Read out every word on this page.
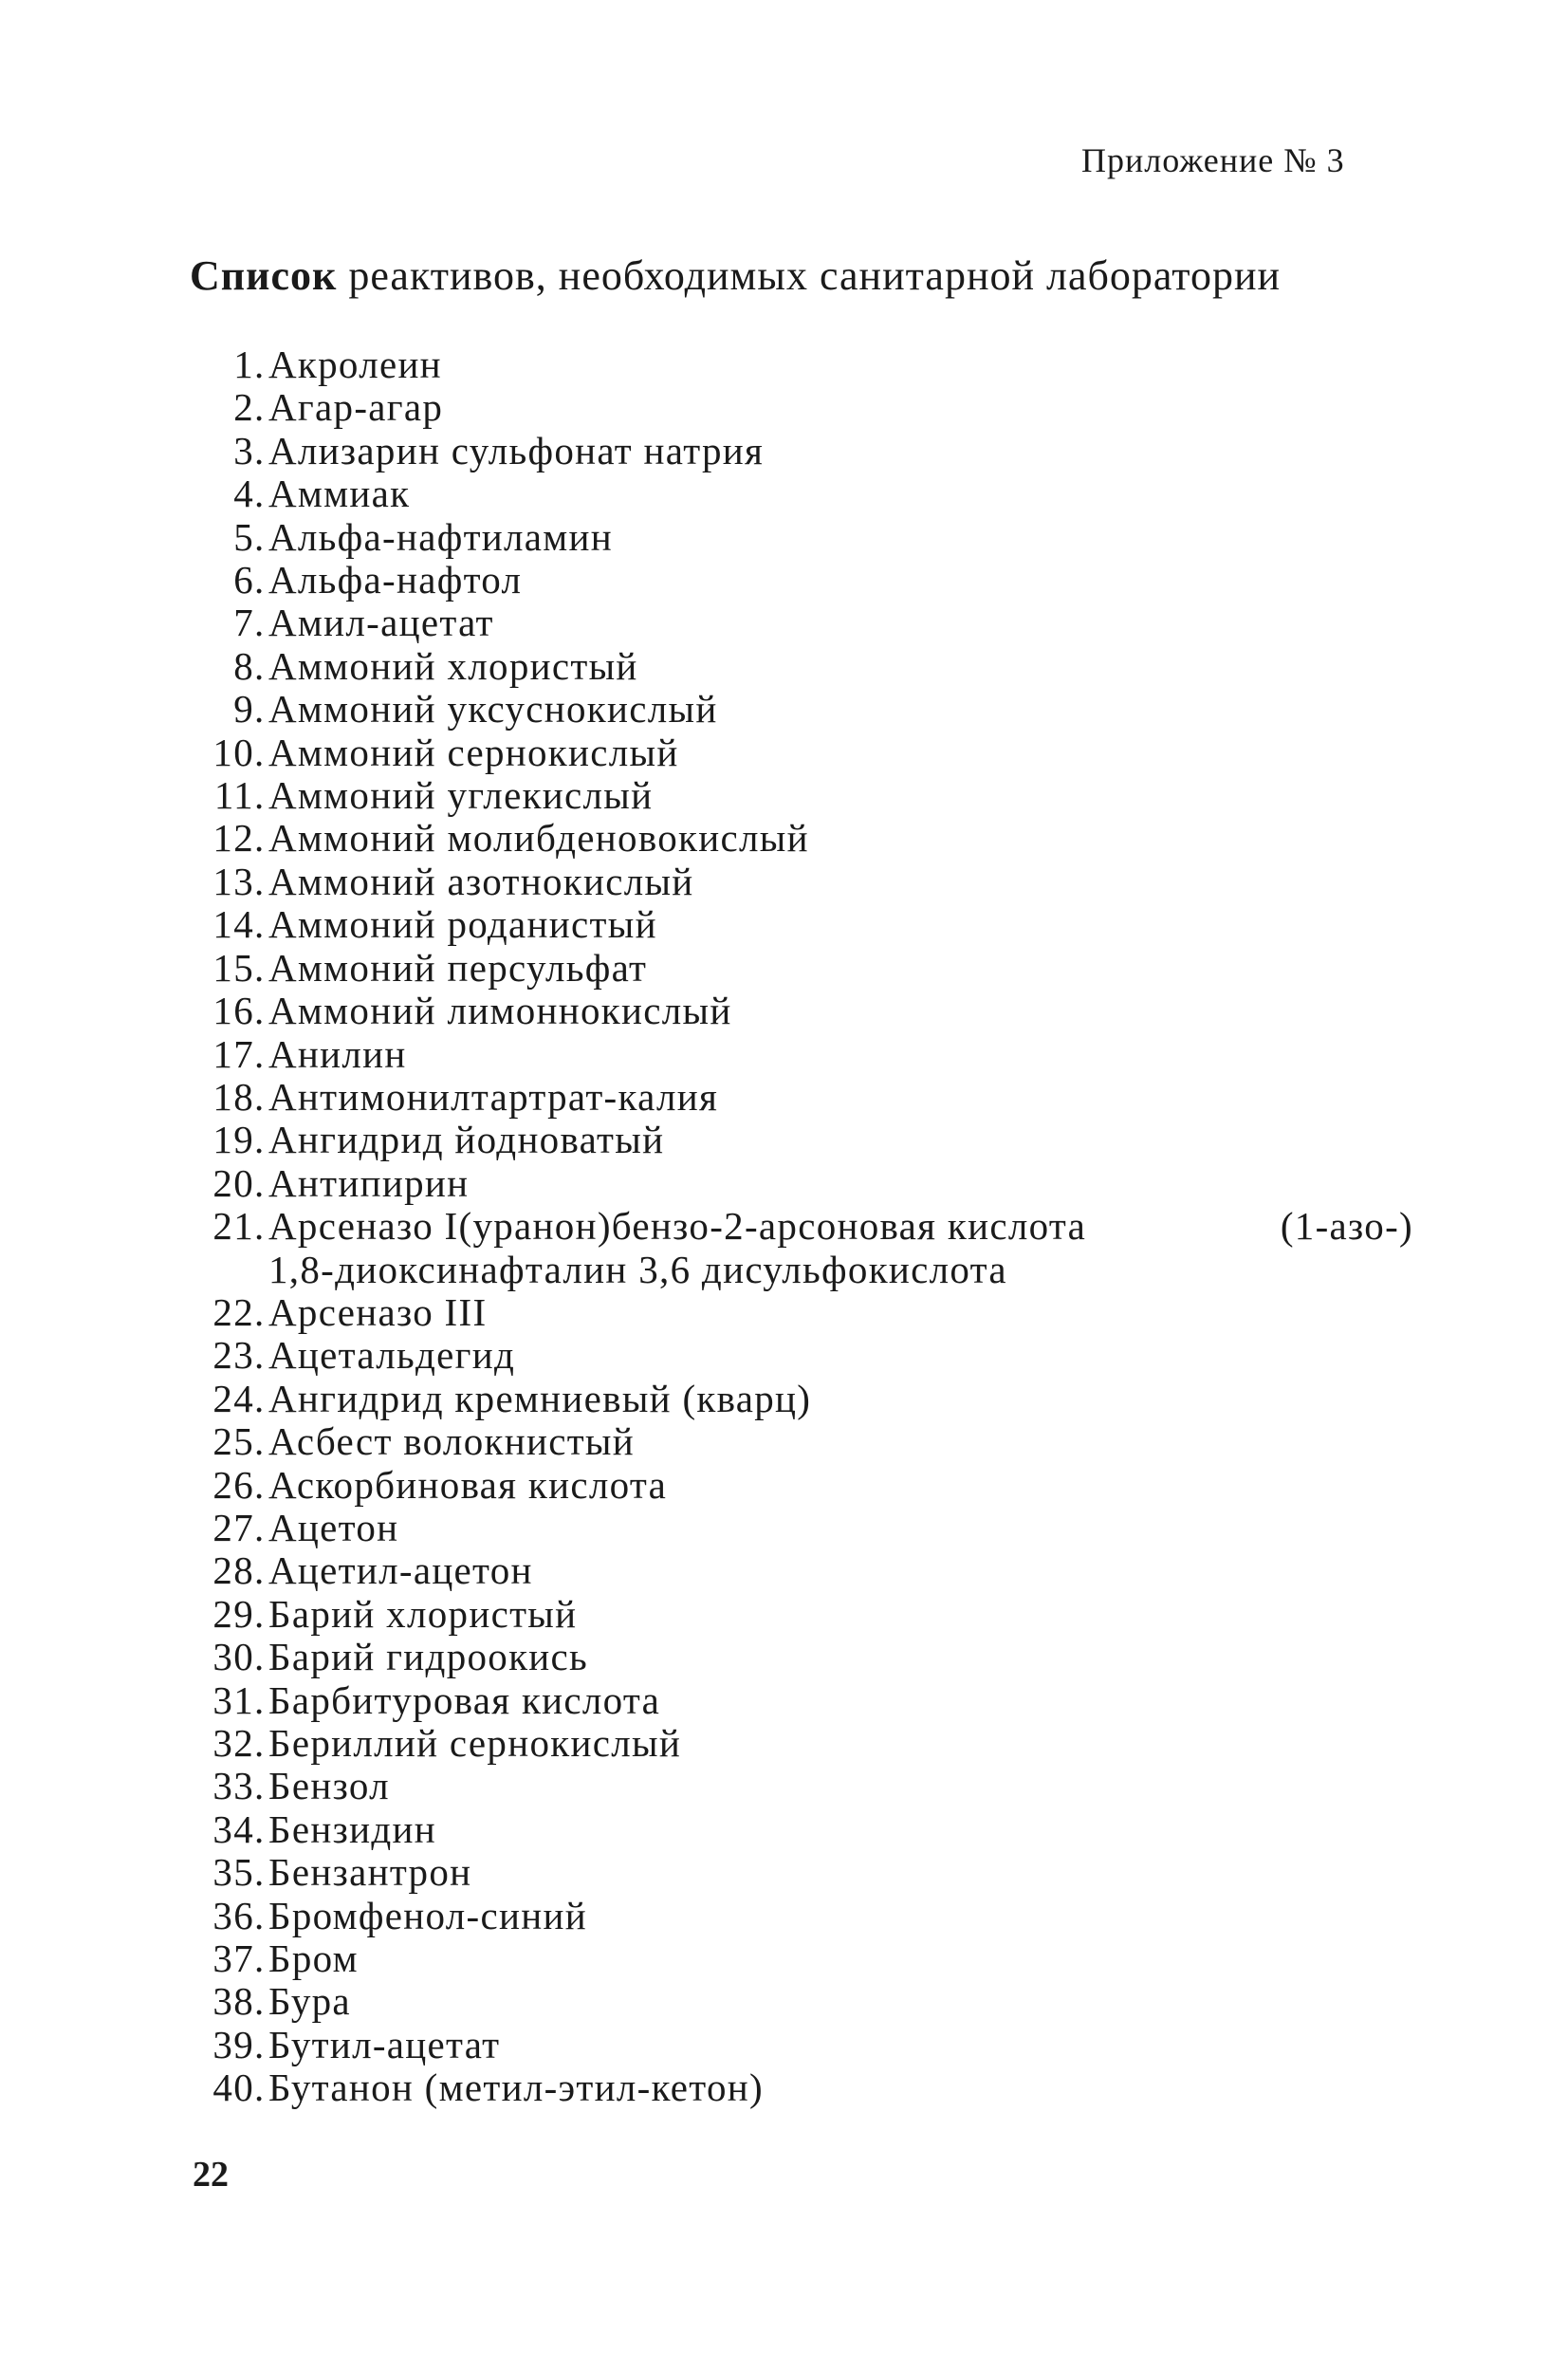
Приложение № 3

Список реактивов, необходимых санитарной лаборатории
1 . Акролеин
2 . Агар-агар
3 . Ализарин сульфонат натрия
4 . Аммиак
5 . Альфа-нафтиламин
6 . Альфа-нафтол
7 . Амил-ацетат
8 . Аммоний хлористый
9 . Аммоний уксуснокислый
10 . Аммоний сернокислый
11 . Аммоний углекислый
12 . Аммоний молибденовокислый
13 . Аммоний азотнокислый
14 . Аммоний роданистый
15 . Аммоний персульфат
16 . Аммоний лимоннокислый
17 . Анилин
18 . Антимонилтартрат-калия
19 . Ангидрид йодноватый
20 . Антипирин
21 .	(1-азо-)
Арсеназо I(уранон)бензо-2-арсоновая кислота
1,8-диоксинафталин 3,6 дисульфокислота
22 . Арсеназо III
23 . Ацетальдегид
24 . Ангидрид кремниевый (кварц)
25 . Асбест волокнистый
26 . Аскорбиновая кислота
27 . Ацетон
28 . Ацетил-ацетон
29 . Барий хлористый
30 . Барий гидроокись
31 . Барбитуровая кислота
32 . Бериллий сернокислый
33 . Бензол
34 . Бензидин
35 . Бензантрон
36 . Бромфенол-синий
37 . Бром
38 . Бура
39 . Бутил-ацетат
40 . Бутанон (метил-этил-кетон)

22
